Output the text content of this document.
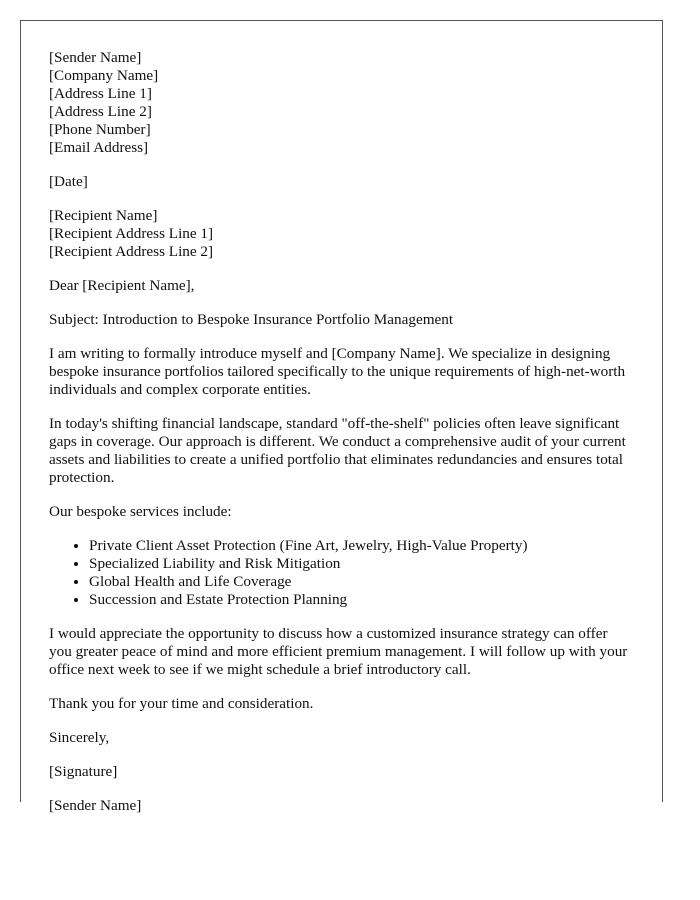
[Sender Name]
[Company Name]
[Address Line 1]
[Address Line 2]
[Phone Number]
[Email Address]
[Date]
[Recipient Name]
[Recipient Address Line 1]
[Recipient Address Line 2]

Dear [Recipient Name],

Subject: Introduction to Bespoke Insurance Portfolio Management

I am writing to formally introduce myself and [Company Name]. We specialize in designing bespoke insurance portfolios tailored specifically to the unique requirements of high-net-worth individuals and complex corporate entities.

In today's shifting financial landscape, standard "off-the-shelf" policies often leave significant gaps in coverage. Our approach is different. We conduct a comprehensive audit of your current assets and liabilities to create a unified portfolio that eliminates redundancies and ensures total protection.

Our bespoke services include:

• Private Client Asset Protection (Fine Art, Jewelry, High-Value Property)
• Specialized Liability and Risk Mitigation
• Global Health and Life Coverage
• Succession and Estate Protection Planning

I would appreciate the opportunity to discuss how a customized insurance strategy can offer you greater peace of mind and more efficient premium management. I will follow up with your office next week to see if we might schedule a brief introductory call.

Thank you for your time and consideration.

Sincerely,

[Signature]

[Sender Name]
